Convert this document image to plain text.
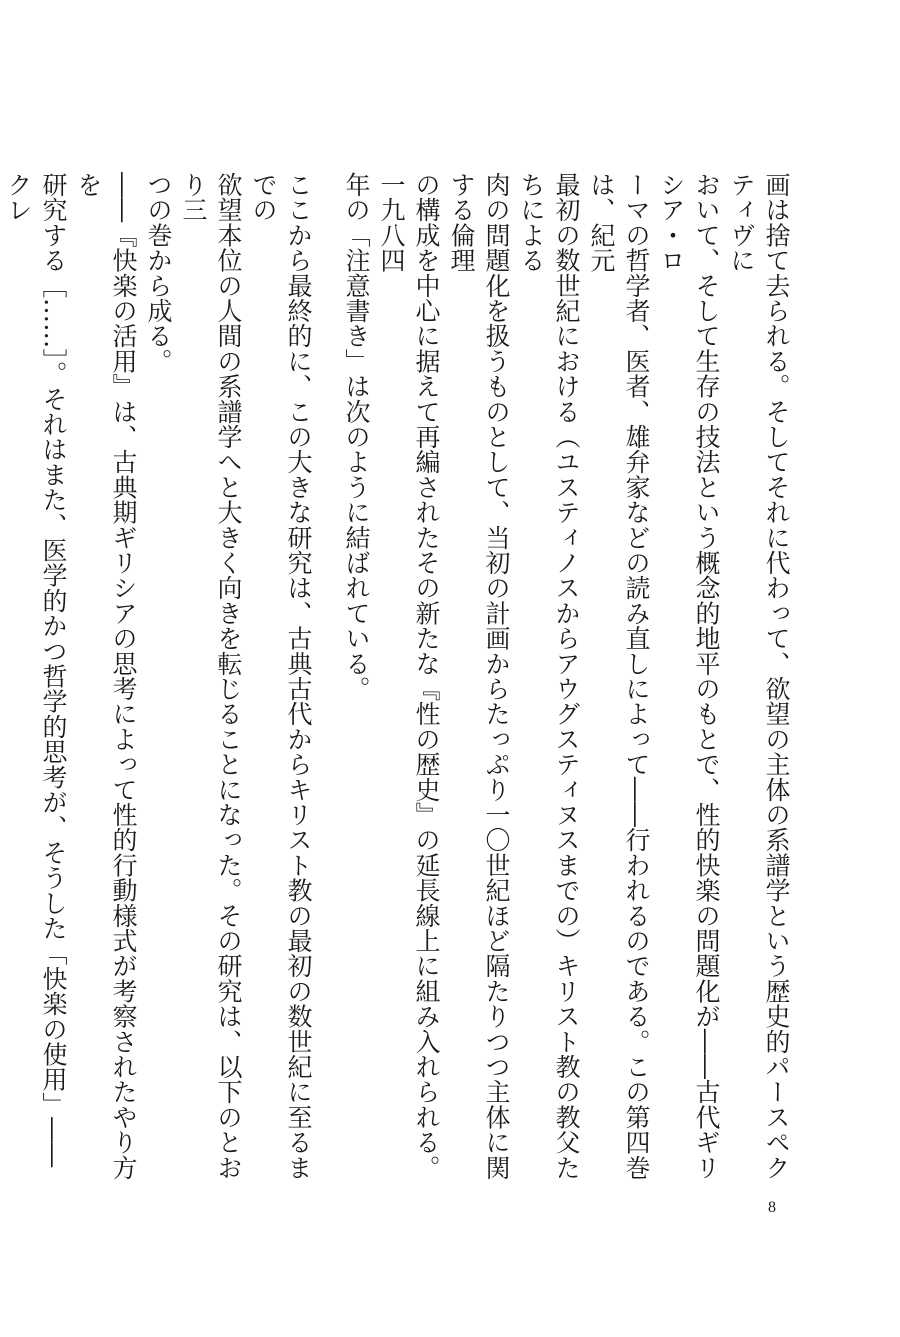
画は捨て去られる。そしてそれに代わって、欲望の主体の系譜学という歴史的パースペクティヴに
おいて、そして生存の技法という概念的地平のもとで、性的快楽の問題化が――古代ギリシア・ロ
ーマの哲学者、医者、雄弁家などの読み直しによって――行われるのである。この第四巻は、紀元
最初の数世紀における（ユスティノスからアウグスティヌスまでの）キリスト教の教父たちによる
肉の問題化を扱うものとして、当初の計画からたっぷり一〇世紀ほど隔たりつつ主体に関する倫理
の構成を中心に据えて再編されたその新たな『性の歴史』の延長線上に組み入れられる。一九八四
年の「注意書き」は次のように結ばれている。
ここから最終的に、この大きな研究は、古典古代からキリスト教の最初の数世紀に至るまでの
欲望本位の人間の系譜学へと大きく向きを転じることになった。その研究は、以下のとおり三
つの巻から成る。
――『快楽の活用』は、古典期ギリシアの思考によって性的行動様式が考察されたやり方を
研究する［……］。それはまた、医学的かつ哲学的思考が、そうした「快楽の使用」――クレ
8
